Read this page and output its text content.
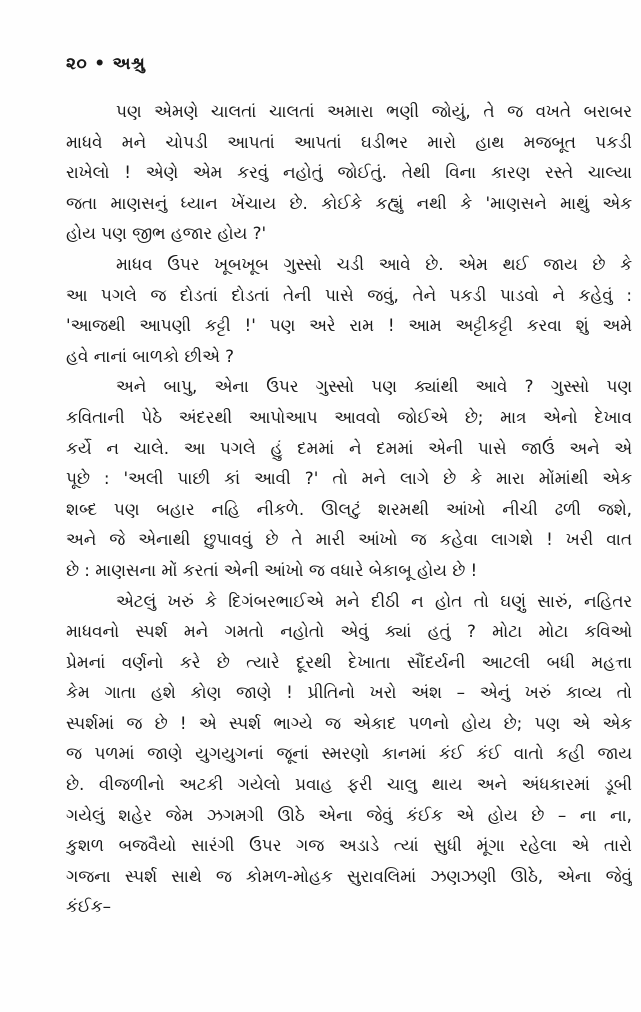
૨૦ • અશ્રુ
પણ એમણે ચાલતાં ચાલતાં અમારા ભણી જોયું, તે જ વખતે બરાબર
માધવે મને ચોપડી આપતાં આપતાં ઘડીભર મારો હાથ મજબૂત પકડી
રાખેલો ! એણે એમ કરવું નહોતું જોઈતું. તેથી વિના કારણ રસ્તે ચાલ્યા
જતા માણસનું ધ્યાન ખેંચાય છે. કોઈકે કહ્યું નથી કે 'માણસને માથું એક
હોય પણ જીભ હજાર હોય ?'
માધવ ઉપર ખૂબખૂબ ગુસ્સો ચડી આવે છે. એમ થઈ જાય છે કે
આ પગલે જ દોડતાં દોડતાં તેની પાસે જવું, તેને પકડી પાડવો ને કહેવું :
'આજથી આપણી કટ્ટી !' પણ અરે રામ ! આમ અટ્ટીકટ્ટી કરવા શું અમે
હવે નાનાં બાળકો છીએ ?
અને બાપુ, એના ઉપર ગુસ્સો પણ ક્યાંથી આવે ? ગુસ્સો પણ
કવિતાની પેઠે અંદરથી આપોઆપ આવવો જોઈએ છે; માત્ર એનો દેખાવ
કર્યે ન ચાલે. આ પગલે હું દમમાં ને દમમાં એની પાસે જાઉં અને એ
પૂછે : 'અલી પાછી કાં આવી ?' તો મને લાગે છે કે મારા મોંમાંથી એક
શબ્દ પણ બહાર નહિ નીકળે. ઊલટું શરમથી આંખો નીચી ઢળી જશે,
અને જે એનાથી છુપાવવું છે તે મારી આંખો જ કહેવા લાગશે ! ખરી વાત
છે : માણસના મોં કરતાં એની આંખો જ વધારે બેકાબૂ હોય છે !
એટલું ખરું કે દિગંબરભાઈએ મને દીઠી ન હોત તો ઘણું સારું, નહિતર
માધવનો સ્પર્શ મને ગમતો નહોતો એવું ક્યાં હતું ? મોટા મોટા કવિઓ
પ્રેમનાં વર્ણનો કરે છે ત્યારે દૂરથી દેખાતા સૌંદર્યની આટલી બધી મહત્તા
કેમ ગાતા હશે કોણ જાણે ! પ્રીતિનો ખરો અંશ – એનું ખરું કાવ્ય તો
સ્પર્શમાં જ છે ! એ સ્પર્શ ભાગ્યે જ એકાદ પળનો હોય છે; પણ એ એક
જ પળમાં જાણે યુગયુગનાં જૂનાં સ્મરણો કાનમાં કંઈ કંઈ વાતો કહી જાય
છે. વીજળીનો અટકી ગયેલો પ્રવાહ ફરી ચાલુ થાય અને અંધકારમાં ડૂબી
ગયેલું શહેર જેમ ઝગમગી ઊઠે એના જેવું કંઈક એ હોય છે – ના ના,
કુશળ બજવૈયો સારંગી ઉપર ગજ અડાડે ત્યાં સુધી મૂંગા રહેલા એ તારો
ગજના સ્પર્શ સાથે જ કોમળ-મોહક સુરાવલિમાં ઝણઝણી ઊઠે, એના જેવું
કંઈક–
